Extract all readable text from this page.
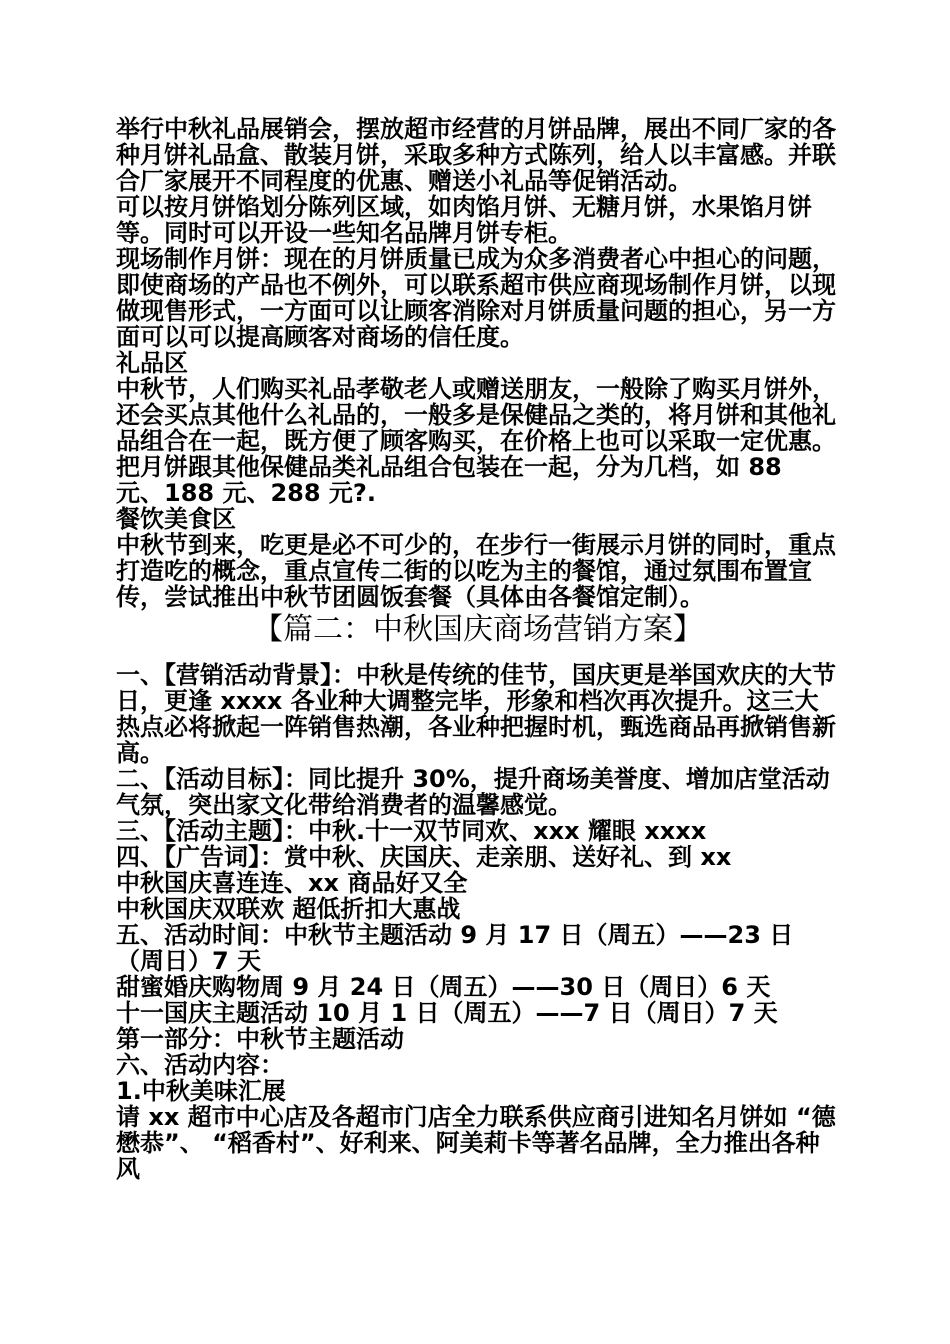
举行中秋礼品展销会，摆放超市经营的月饼品牌，展出不同厂家的各种月饼礼品盒、散装月饼，采取多种方式陈列，给人以丰富感。并联合厂家展开不同程度的优惠、赠送小礼品等促销活动。

可以按月饼馅划分陈列区域，如肉馅月饼、无糖月饼，水果馅月饼等。同时可以开设一些知名品牌月饼专柜。

现场制作月饼：现在的月饼质量已成为众多消费者心中担心的问题，即使商场的产品也不例外，可以联系超市供应商现场制作月饼，以现做现售形式，一方面可以让顾客消除对月饼质量问题的担心，另一方面可以可以提高顾客对商场的信任度。

礼品区

中秋节，人们购买礼品孝敬老人或赠送朋友，一般除了购买月饼外，还会买点其他什么礼品的，一般多是保健品之类的，将月饼和其他礼品组合在一起，既方便了顾客购买，在价格上也可以采取一定优惠。把月饼跟其他保健品类礼品组合包装在一起，分为几档，如 88

元、188 元、288 元?.

餐饮美食区

中秋节到来，吃更是必不可少的，在步行一街展示月饼的同时，重点打造吃的概念，重点宣传二街的以吃为主的餐馆，通过氛围布置宣传，尝试推出中秋节团圆饭套餐（具体由各餐馆定制）。

【篇二：中秋国庆商场营销方案】

一、【营销活动背景】：中秋是传统的佳节，国庆更是举国欢庆的大节日，更逢 xxxx 各业种大调整完毕，形象和档次再次提升。这三大热点必将掀起一阵销售热潮，各业种把握时机，甄选商品再掀销售新高。

二、【活动目标】：同比提升 30%，提升商场美誉度、增加店堂活动气氛，突出家文化带给消费者的温馨感觉。

三、【活动主题】：中秋.十一双节同欢、xxx 耀眼 xxxx

四、【广告词】：赏中秋、庆国庆、走亲朋、送好礼、到 xx

中秋国庆喜连连、xx 商品好又全

中秋国庆双联欢 超低折扣大惠战

五、活动时间：中秋节主题活动 9 月 17 日（周五）——23 日（周日）7 天

甜蜜婚庆购物周 9 月 24 日（周五）——30 日（周日）6 天

十一国庆主题活动 10 月 1 日（周五）——7 日（周日）7 天

第一部分：中秋节主题活动

六、活动内容：

1.中秋美味汇展

请 xx 超市中心店及各超市门店全力联系供应商引进知名月饼如 “德懋恭”、 “稻香村”、好利来、阿美莉卡等著名品牌，全力推出各种风
